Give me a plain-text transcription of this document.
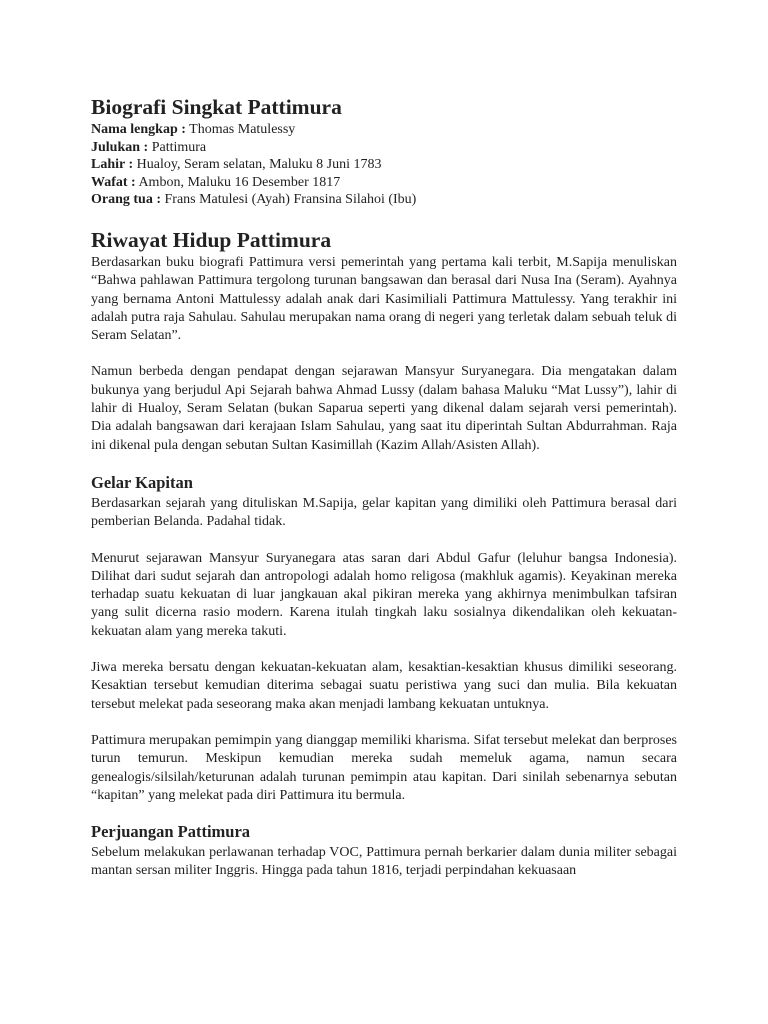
Biografi Singkat Pattimura
Nama lengkap : Thomas Matulessy
Julukan : Pattimura
Lahir : Hualoy, Seram selatan, Maluku 8 Juni 1783
Wafat : Ambon, Maluku 16 Desember 1817
Orang tua : Frans Matulesi (Ayah) Fransina Silahoi (Ibu)
Riwayat Hidup Pattimura

Berdasarkan buku biografi Pattimura versi pemerintah yang pertama kali terbit, M.Sapija menuliskan “Bahwa pahlawan Pattimura tergolong turunan bangsawan dan berasal dari Nusa Ina (Seram). Ayahnya yang bernama Antoni Mattulessy adalah anak dari Kasimiliali Pattimura Mattulessy. Yang terakhir ini adalah putra raja Sahulau. Sahulau merupakan nama orang di negeri yang terletak dalam sebuah teluk di Seram Selatan”.

Namun berbeda dengan pendapat dengan sejarawan Mansyur Suryanegara. Dia mengatakan dalam bukunya yang berjudul Api Sejarah bahwa Ahmad Lussy (dalam bahasa Maluku “Mat Lussy”), lahir di lahir di Hualoy, Seram Selatan (bukan Saparua seperti yang dikenal dalam sejarah versi pemerintah). Dia adalah bangsawan dari kerajaan Islam Sahulau, yang saat itu diperintah Sultan Abdurrahman. Raja ini dikenal pula dengan sebutan Sultan Kasimillah (Kazim Allah/Asisten Allah).

Gelar Kapitan

Berdasarkan sejarah yang dituliskan M.Sapija, gelar kapitan yang dimiliki oleh Pattimura berasal dari pemberian Belanda. Padahal tidak.

Menurut sejarawan Mansyur Suryanegara atas saran dari Abdul Gafur (leluhur bangsa Indonesia). Dilihat dari sudut sejarah dan antropologi adalah homo religosa (makhluk agamis). Keyakinan mereka terhadap suatu kekuatan di luar jangkauan akal pikiran mereka yang akhirnya menimbulkan tafsiran yang sulit dicerna rasio modern. Karena itulah tingkah laku sosialnya dikendalikan oleh kekuatan-kekuatan alam yang mereka takuti.

Jiwa mereka bersatu dengan kekuatan-kekuatan alam, kesaktian-kesaktian khusus dimiliki seseorang. Kesaktian tersebut kemudian diterima sebagai suatu peristiwa yang suci dan mulia. Bila kekuatan tersebut melekat pada seseorang maka akan menjadi lambang kekuatan untuknya.

Pattimura merupakan pemimpin yang dianggap memiliki kharisma. Sifat tersebut melekat dan berproses turun temurun. Meskipun kemudian mereka sudah memeluk agama, namun secara genealogis/silsilah/keturunan adalah turunan pemimpin atau kapitan. Dari sinilah sebenarnya sebutan “kapitan” yang melekat pada diri Pattimura itu bermula.

Perjuangan Pattimura

Sebelum melakukan perlawanan terhadap VOC, Pattimura pernah berkarier dalam dunia militer sebagai mantan sersan militer Inggris. Hingga pada tahun 1816, terjadi perpindahan kekuasaan
